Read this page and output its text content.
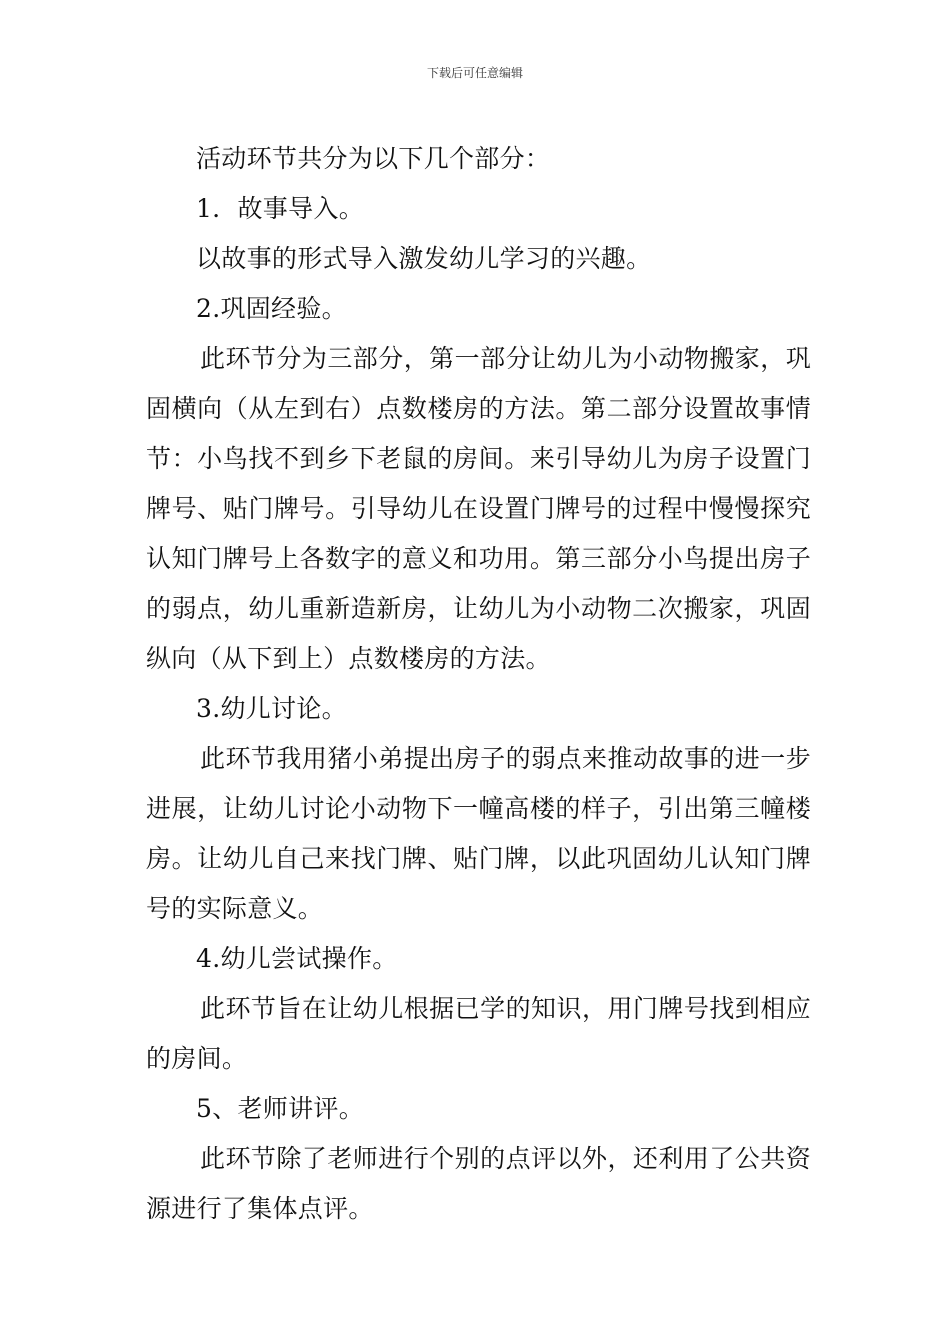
下载后可任意编辑

活动环节共分为以下几个部分：

1．故事导入。

以故事的形式导入激发幼儿学习的兴趣。

2.巩固经验。

此环节分为三部分，第一部分让幼儿为小动物搬家，巩固横向（从左到右）点数楼房的方法。第二部分设置故事情节：小鸟找不到乡下老鼠的房间。来引导幼儿为房子设置门牌号、贴门牌号。引导幼儿在设置门牌号的过程中慢慢探究认知门牌号上各数字的意义和功用。第三部分小鸟提出房子的弱点，幼儿重新造新房，让幼儿为小动物二次搬家，巩固纵向（从下到上）点数楼房的方法。

3.幼儿讨论。

此环节我用猪小弟提出房子的弱点来推动故事的进一步进展，让幼儿讨论小动物下一幢高楼的样子，引出第三幢楼房。让幼儿自己来找门牌、贴门牌，以此巩固幼儿认知门牌号的实际意义。

4.幼儿尝试操作。

此环节旨在让幼儿根据已学的知识，用门牌号找到相应的房间。

5、老师讲评。

此环节除了老师进行个别的点评以外，还利用了公共资源进行了集体点评。
